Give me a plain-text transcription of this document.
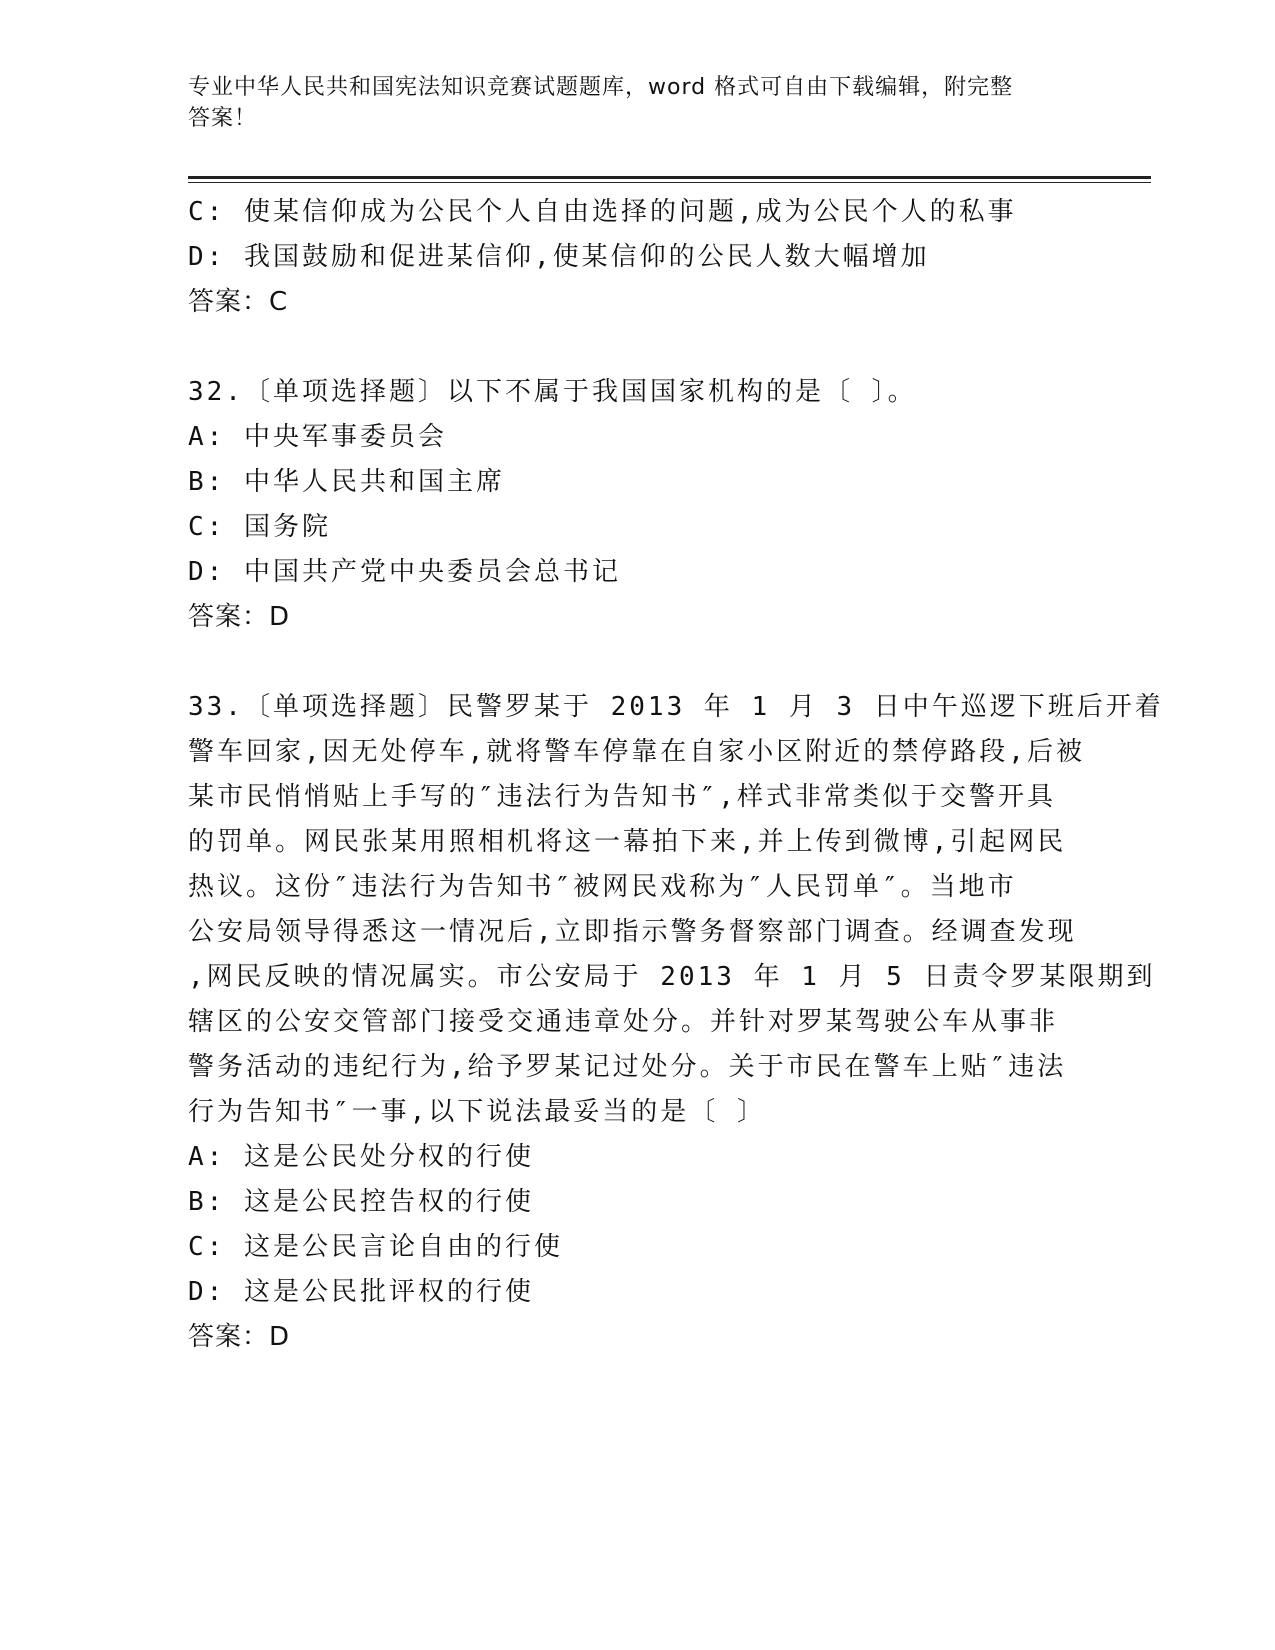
专业中华人民共和国宪法知识竞赛试题题库，word 格式可自由下载编辑，附完整
答案！
C: 使某信仰成为公民个人自由选择的问题,成为公民个人的私事
D: 我国鼓励和促进某信仰,使某信仰的公民人数大幅增加
答案：C
32.〔单项选择题〕以下不属于我国国家机构的是〔 〕。
A: 中央军事委员会
B: 中华人民共和国主席
C: 国务院
D: 中国共产党中央委员会总书记
答案：D
33.〔单项选择题〕民警罗某于 2013 年 1 月 3 日中午巡逻下班后开着
警车回家,因无处停车,就将警车停靠在自家小区附近的禁停路段,后被
某市民悄悄贴上手写的″违法行为告知书″,样式非常类似于交警开具
的罚单。网民张某用照相机将这一幕拍下来,并上传到微博,引起网民
热议。这份″违法行为告知书″被网民戏称为″人民罚单″。当地市
公安局领导得悉这一情况后,立即指示警务督察部门调查。经调查发现
,网民反映的情况属实。市公安局于 2013 年 1 月 5 日责令罗某限期到
辖区的公安交管部门接受交通违章处分。并针对罗某驾驶公车从事非
警务活动的违纪行为,给予罗某记过处分。关于市民在警车上贴″违法
行为告知书″一事,以下说法最妥当的是〔 〕
A: 这是公民处分权的行使
B: 这是公民控告权的行使
C: 这是公民言论自由的行使
D: 这是公民批评权的行使
答案：D
